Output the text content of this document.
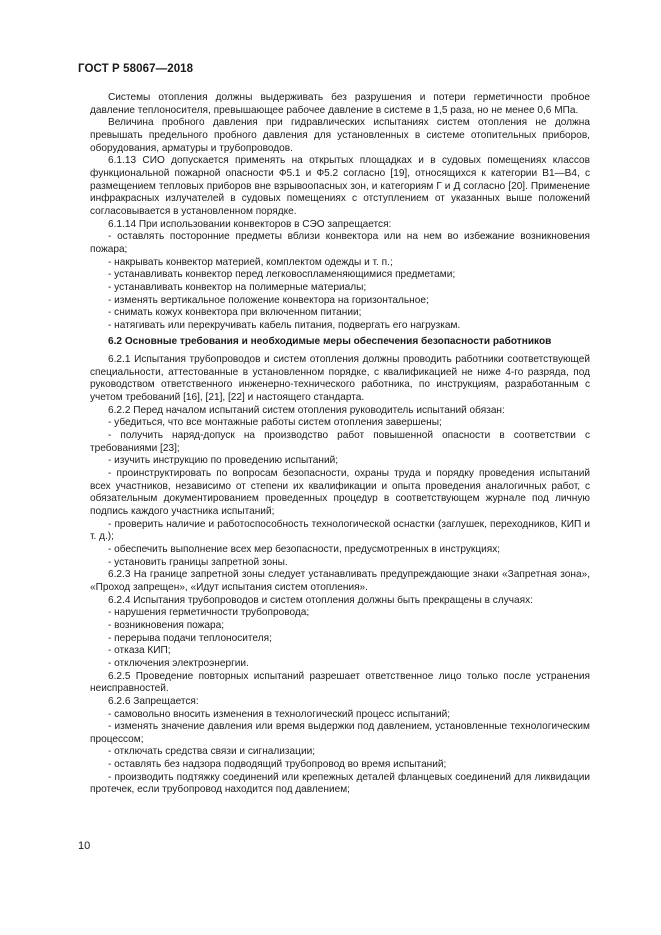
ГОСТ Р 58067—2018

Системы отопления должны выдерживать без разрушения и потери герметичности пробное давление теплоносителя, превышающее рабочее давление в системе в 1,5 раза, но не менее 0,6 МПа.

Величина пробного давления при гидравлических испытаниях систем отопления не должна превышать предельного пробного давления для установленных в системе отопительных приборов, оборудования, арматуры и трубопроводов.

6.1.13 СИО допускается применять на открытых площадках и в судовых помещениях классов функциональной пожарной опасности Ф5.1 и Ф5.2 согласно [19], относящихся к категории В1—В4, с размещением тепловых приборов вне взрывоопасных зон, и категориям Г и Д согласно [20]. Применение инфракрасных излучателей в судовых помещениях с отступлением от указанных выше положений согласовывается в установленном порядке.

6.1.14 При использовании конвекторов в СЭО запрещается:

- оставлять посторонние предметы вблизи конвектора или на нем во избежание возникновения пожара;

- накрывать конвектор материей, комплектом одежды и т. п.;

- устанавливать конвектор перед легковоспламеняющимися предметами;

- устанавливать конвектор на полимерные материалы;

- изменять вертикальное положение конвектора на горизонтальное;

- снимать кожух конвектора при включенном питании;

- натягивать или перекручивать кабель питания, подвергать его нагрузкам.

6.2 Основные требования и необходимые меры обеспечения безопасности работников

6.2.1 Испытания трубопроводов и систем отопления должны проводить работники соответствующей специальности, аттестованные в установленном порядке, с квалификацией не ниже 4-го разряда, под руководством ответственного инженерно-технического работника, по инструкциям, разработанным с учетом требований [16], [21], [22] и настоящего стандарта.

6.2.2 Перед началом испытаний систем отопления руководитель испытаний обязан:

- убедиться, что все монтажные работы систем отопления завершены;

- получить наряд-допуск на производство работ повышенной опасности в соответствии с требованиями [23];

- изучить инструкцию по проведению испытаний;

- проинструктировать по вопросам безопасности, охраны труда и порядку проведения испытаний всех участников, независимо от степени их квалификации и опыта проведения аналогичных работ, с обязательным документированием проведенных процедур в соответствующем журнале под личную подпись каждого участника испытаний;

- проверить наличие и работоспособность технологической оснастки (заглушек, переходников, КИП и т. д.);

- обеспечить выполнение всех мер безопасности, предусмотренных в инструкциях;

- установить границы запретной зоны.

6.2.3 На границе запретной зоны следует устанавливать предупреждающие знаки «Запретная зона», «Проход запрещен», «Идут испытания систем отопления».

6.2.4 Испытания трубопроводов и систем отопления должны быть прекращены в случаях:

- нарушения герметичности трубопровода;

- возникновения пожара;

- перерыва подачи теплоносителя;

- отказа КИП;

- отключения электроэнергии.

6.2.5 Проведение повторных испытаний разрешает ответственное лицо только после устранения неисправностей.

6.2.6 Запрещается:

- самовольно вносить изменения в технологический процесс испытаний;

- изменять значение давления или время выдержки под давлением, установленные технологическим процессом;

- отключать средства связи и сигнализации;

- оставлять без надзора подводящий трубопровод во время испытаний;

- производить подтяжку соединений или крепежных деталей фланцевых соединений для ликвидации протечек, если трубопровод находится под давлением;

10
